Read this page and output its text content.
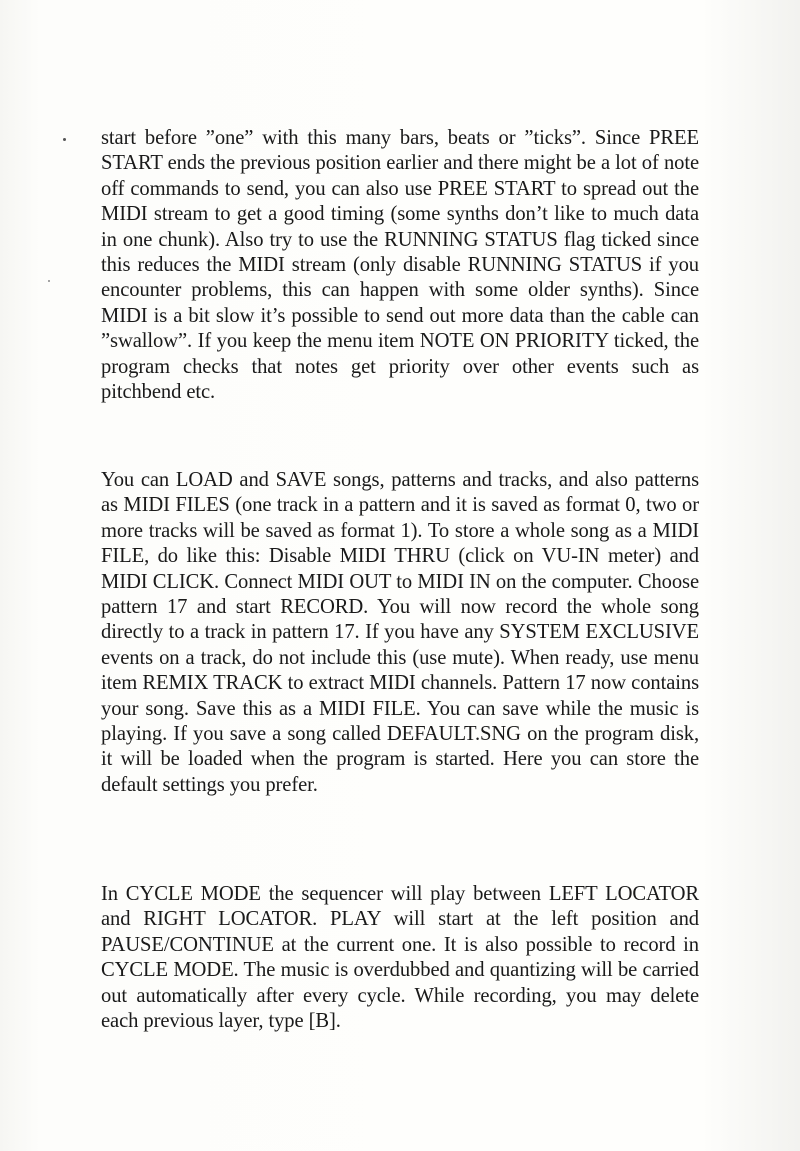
start before ”one” with this many bars, beats or ”ticks”. Since PREE START ends the previous position earlier and there might be a lot of note off commands to send, you can also use PREE START to spread out the MIDI stream to get a good timing (some synths don’t like to much data in one chunk). Also try to use the RUNNING STATUS flag ticked since this reduces the MIDI stream (only disable RUNNING STATUS if you encounter problems, this can happen with some older synths). Since MIDI is a bit slow it’s possible to send out more data than the cable can ”swallow”. If you keep the menu item NOTE ON PRIORITY ticked, the program checks that notes get priority over other events such as pitchbend etc.

You can LOAD and SAVE songs, patterns and tracks, and also patterns as MIDI FILES (one track in a pattern and it is saved as format 0, two or more tracks will be saved as format 1). To store a whole song as a MIDI FILE, do like this: Disable MIDI THRU (click on VU-IN meter) and MIDI CLICK. Connect MIDI OUT to MIDI IN on the computer. Choose pattern 17 and start RECORD. You will now record the whole song directly to a track in pattern 17. If you have any SYSTEM EXCLUSIVE events on a track, do not include this (use mute). When ready, use menu item REMIX TRACK to extract MIDI channels. Pattern 17 now contains your song. Save this as a MIDI FILE. You can save while the music is playing. If you save a song called DEFAULT.SNG on the program disk, it will be loaded when the program is started. Here you can store the default settings you prefer.

In CYCLE MODE the sequencer will play between LEFT LOCATOR and RIGHT LOCATOR. PLAY will start at the left position and PAUSE/CONTINUE at the current one. It is also possible to record in CYCLE MODE. The music is overdubbed and quantizing will be carried out automatically after every cycle. While recording, you may delete each previous layer, type [B].
